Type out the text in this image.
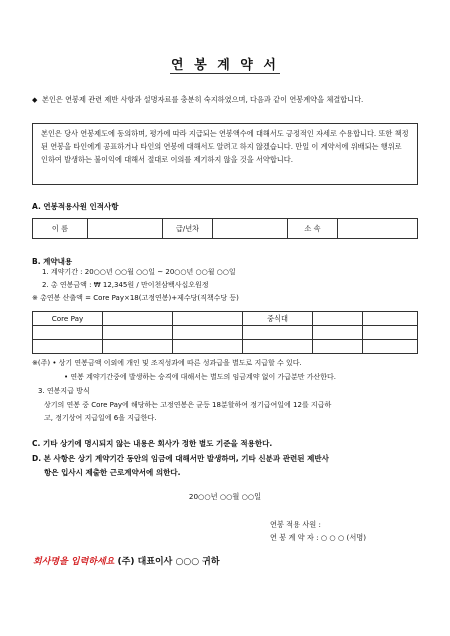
연 봉 계 약 서
◆ 본인은 연봉제 관련 제반 사항과 설명자료를 충분히 숙지하였으며, 다음과 같이 연봉계약을 체결합니다.
본인은 당사 연봉제도에 동의하며, 평가에 따라 지급되는 연봉액수에 대해서도 긍정적인 자세로 수용합니다. 또한 책정된 연봉을 타인에게 공표하거나 타인의 연봉에 대해서도 알려고 하지 않겠습니다. 만일 이 계약서에 위배되는 행위로 인하여 발생하는 불이익에 대해서 절대로 이의를 제기하지 않을 것을 서약합니다.
A. 연봉적용사원 인적사항
이 름		급/년차		소 속	
B. 계약내용
1. 계약기간 : 20○○년 ○○월 ○○일 ~ 20○○년 ○○월 ○○일
2. 총 연봉금액 : ₩ 12,345원 / 만이천삼백사십오원정
※ 총연봉 산출액 = Core Pay×18(고정연봉)+제수당(직책수당 등)
Core Pay			중식대		

※(주) • 상기 연봉금액 이외에 개인 및 조직성과에 따른 성과급을 별도로 지급할 수 있다.
• 연봉 계약기간중에 발생하는 승격에 대해서는 별도의 임금계약 없이 가급분만 가산한다.
3. 연봉지급 방식
상기의 연봉 중 Core Pay에 해당하는 고정연봉은 균등 18분할하여 정기급여일에 12를 지급하
고, 정기상여 지급일에 6을 지급한다.
C. 기타 상기에 명시되지 않는 내용은 회사가 정한 별도 기준을 적용한다.
D. 본 사항은 상기 계약기간 동안의 임금에 대해서만 발생하며, 기타 신분과 관련된 제반사
항은 입사시 제출한 근로계약서에 의한다.
20○○년 ○○월 ○○일
연봉 적용 사원 :
연 봉 계 약 자 : ○ ○ ○ (서명)
회사명을 입력하세요 (주) 대표이사 ○○○ 귀하
